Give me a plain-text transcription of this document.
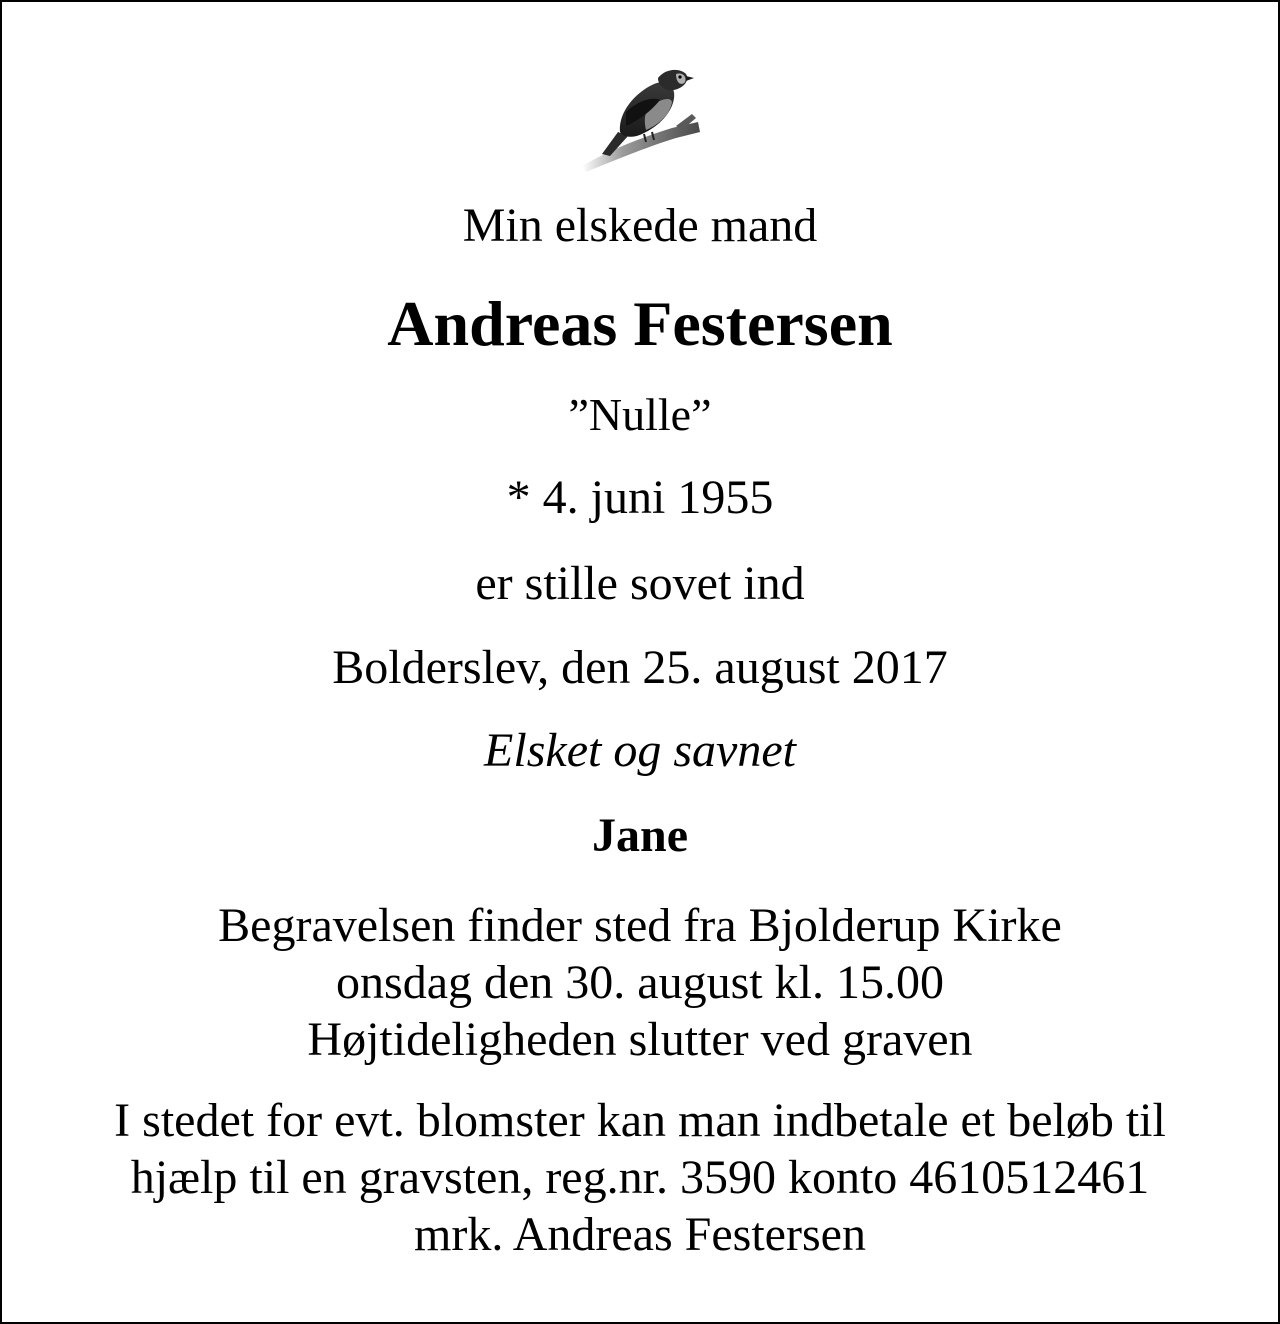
Min elskede mand
Andreas Festersen
”Nulle”
* 4. juni 1955
er stille sovet ind
Bolderslev, den 25. august 2017
Elsket og savnet
Jane
Begravelsen finder sted fra Bjolderup Kirke
onsdag den 30. august kl. 15.00
Højtideligheden slutter ved graven
I stedet for evt. blomster kan man indbetale et beløb til
hjælp til en gravsten, reg.nr. 3590 konto 4610512461
mrk. Andreas Festersen
